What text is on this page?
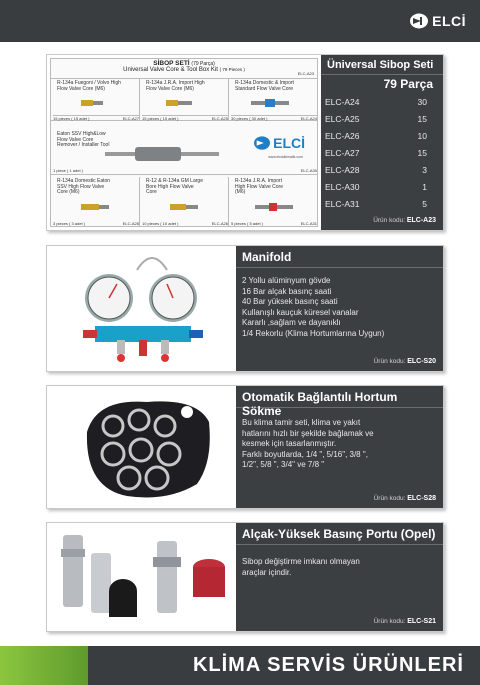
ELCİ
SİBOP SETİ (79 Parça)
Universal Valve Core & Tool Box Kit ( 79 Pieces )
ELC-A23
R-134a Fuegoni / Volvo High Flow Valve Core (M6)
15 pieces ( 15 adet )	ELC-A27
R-134a J.R.A. Import High Flow Valve Core (M6)
15 pieces ( 15 adet )	ELC-A25
R-134a Domestic & Import Standard Flow Valve Core
30 pieces ( 30 adet )	ELC-A24
Eaton SSV High&Low Flow Valve Core Remover / Installer Tool	ELCİ
www.elciaklimatik.com
1 piece ( 1 adet )	ELC-A30
R-134a Domestic Eaton SSV High Flow Valve Core (M6)
3 pieces ( 3 adet )	ELC-A28
R-12 & R-134a GM Large Bore High Flow Valve Core
10 pieces ( 10 adet )	ELC-A26
R-134a J.R.A. Import High Flow Valve Core (M6)
5 pieces ( 5 adet )	ELC-A31
Üniversal Sibop Seti
79 Parça
ELC-A24	30
ELC-A25	15
ELC-A26	10
ELC-A27	15
ELC-A28	3
ELC-A30	1
ELC-A31	5
Ürün kodu: ELC-A23
Manifold
2 Yollu alüminyum gövde
16 Bar alçak basınç saati
40 Bar yüksek basınç saati
Kullanışlı kauçuk küresel vanalar
Kararlı ,sağlam ve dayanıklı
1/4 Rekorlu (Klima Hortumlarına Uygun)
Ürün kodu: ELC-S20
Otomatik Bağlantılı Hortum Sökme
Bu klima tamir seti, klima ve yakıt
hatlarını hızlı bir şekilde bağlamak ve
kesmek için tasarlanmıştır.
Farklı boyutlarda, 1/4 ", 5/16", 3/8 ",
1/2", 5/8 ", 3/4" ve 7/8 "
Ürün kodu: ELC-S28
Alçak-Yüksek Basınç Portu (Opel)
Sibop değiştirme imkanı olmayan
araçlar içindir.
Ürün kodu: ELC-S21
KLİMA SERVİS ÜRÜNLERİ
